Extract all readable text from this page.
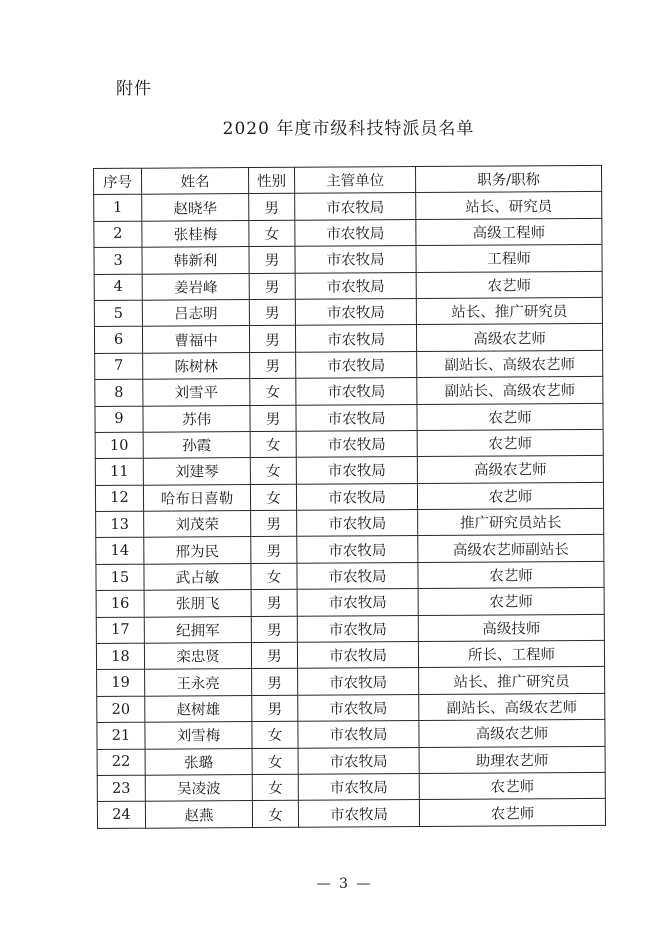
附件
2020 年度市级科技特派员名单
序号	姓名	性别	主管单位	职务/职称
1	赵晓华	男	市农牧局	站长、研究员
2	张桂梅	女	市农牧局	高级工程师
3	韩新利	男	市农牧局	工程师
4	姜岩峰	男	市农牧局	农艺师
5	吕志明	男	市农牧局	站长、推广研究员
6	曹福中	男	市农牧局	高级农艺师
7	陈树林	男	市农牧局	副站长、高级农艺师
8	刘雪平	女	市农牧局	副站长、高级农艺师
9	苏伟	男	市农牧局	农艺师
10	孙霞	女	市农牧局	农艺师
11	刘建琴	女	市农牧局	高级农艺师
12	哈布日喜勒	女	市农牧局	农艺师
13	刘茂荣	男	市农牧局	推广研究员站长
14	邢为民	男	市农牧局	高级农艺师副站长
15	武占敏	女	市农牧局	农艺师
16	张朋飞	男	市农牧局	农艺师
17	纪拥军	男	市农牧局	高级技师
18	栾忠贤	男	市农牧局	所长、工程师
19	王永亮	男	市农牧局	站长、推广研究员
20	赵树雄	男	市农牧局	副站长、高级农艺师
21	刘雪梅	女	市农牧局	高级农艺师
22	张璐	女	市农牧局	助理农艺师
23	吴凌波	女	市农牧局	农艺师
24	赵燕	女	市农牧局	农艺师
— 3 —
